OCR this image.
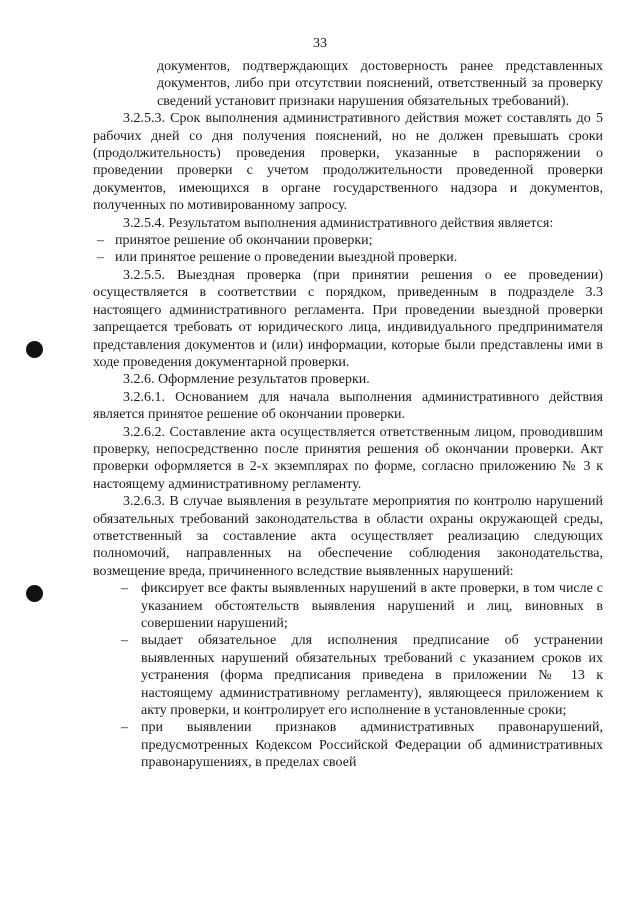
33

документов, подтверждающих достоверность ранее представленных документов, либо при отсутствии пояснений, ответственный за проверку сведений установит признаки нарушения обязательных требований).

3.2.5.3. Срок выполнения административного действия может составлять до 5 рабочих дней со дня получения пояснений, но не должен превышать сроки (продолжительность) проведения проверки, указанные в распоряжении о проведении проверки с учетом продолжительности проведенной проверки документов, имеющихся в органе государственного надзора и документов, полученных по мотивированному запросу.

3.2.5.4. Результатом выполнения административного действия является:

– принятое решение об окончании проверки;

– или принятое решение о проведении выездной проверки.

3.2.5.5. Выездная проверка (при принятии решения о ее проведении) осуществляется в соответствии с порядком, приведенным в подразделе 3.3 настоящего административного регламента. При проведении выездной проверки запрещается требовать от юридического лица, индивидуального предпринимателя представления документов и (или) информации, которые были представлены ими в ходе проведения документарной проверки.

3.2.6. Оформление результатов проверки.

3.2.6.1. Основанием для начала выполнения административного действия является принятое решение об окончании проверки.

3.2.6.2. Составление акта осуществляется ответственным лицом, проводившим проверку, непосредственно после принятия решения об окончании проверки. Акт проверки оформляется в 2-х экземплярах по форме, согласно приложению № 3 к настоящему административному регламенту.

3.2.6.3. В случае выявления в результате мероприятия по контролю нарушений обязательных требований законодательства в области охраны окружающей среды, ответственный за составление акта осуществляет реализацию следующих полномочий, направленных на обеспечение соблюдения законодательства, возмещение вреда, причиненного вследствие выявленных нарушений:

– фиксирует все факты выявленных нарушений в акте проверки, в том числе с указанием обстоятельств выявления нарушений и лиц, виновных в совершении нарушений;

– выдает обязательное для исполнения предписание об устранении выявленных нарушений обязательных требований с указанием сроков их устранения (форма предписания приведена в приложении № 13 к настоящему административному регламенту), являющееся приложением к акту проверки, и контролирует его исполнение в установленные сроки;

– при выявлении признаков административных правонарушений, предусмотренных Кодексом Российской Федерации об административных правонарушениях, в пределах своей
